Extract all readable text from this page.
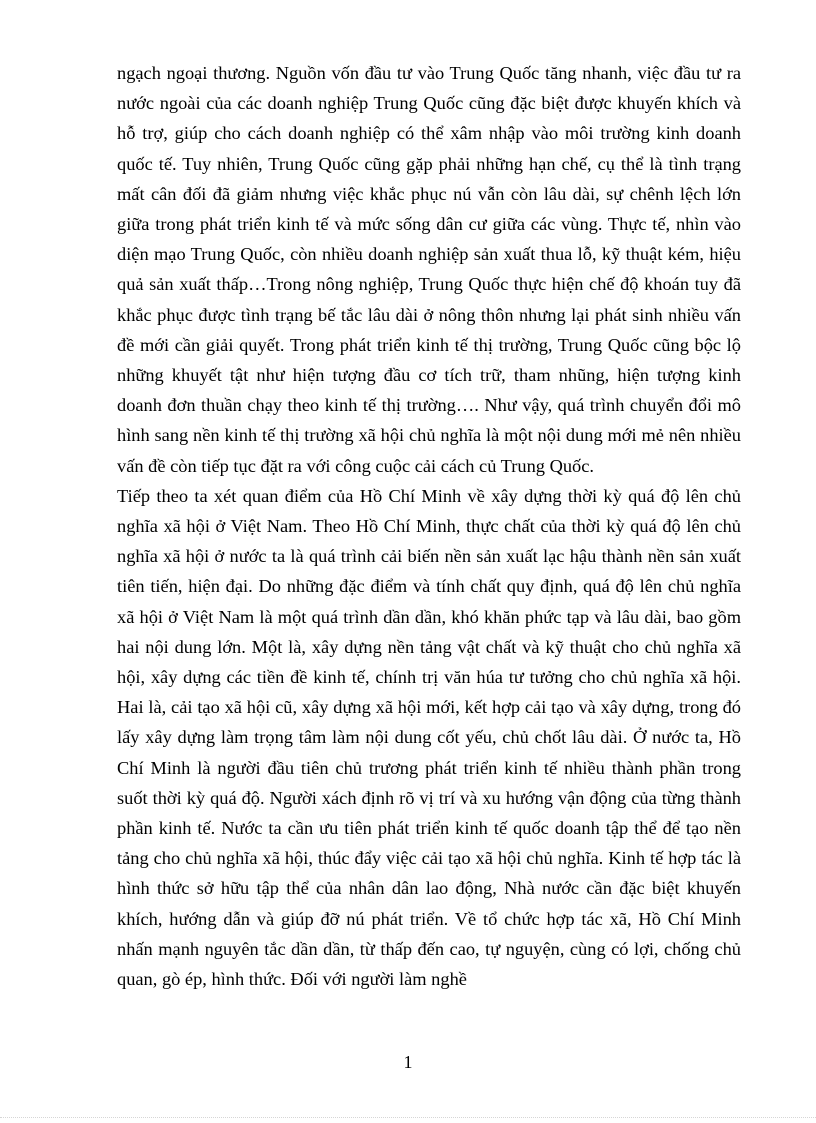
ngạch ngoại thương. Nguồn vốn đầu tư vào Trung Quốc tăng nhanh, việc đầu tư ra nước ngoài của các doanh nghiệp Trung Quốc cũng đặc biệt được khuyến khích và hỗ trợ, giúp cho cách doanh nghiệp có thể xâm nhập vào môi trường kinh doanh quốc tế. Tuy nhiên, Trung Quốc cũng gặp phải những hạn chế, cụ thể là tình trạng mất cân đối đã giảm nhưng việc khắc phục nú vẫn còn lâu dài, sự chênh lệch lớn giữa trong phát triển kinh tế và mức sống dân cư giữa các vùng. Thực tế, nhìn vào diện mạo Trung Quốc, còn nhiều doanh nghiệp sản xuất thua lỗ, kỹ thuật kém, hiệu quả sản xuất thấp…Trong nông nghiệp, Trung Quốc thực hiện chế độ khoán tuy đã khắc phục được tình trạng bế tắc lâu dài ở nông thôn nhưng lại phát sinh nhiều vấn đề mới cần giải quyết. Trong phát triển kinh tế thị trường, Trung Quốc cũng bộc lộ những khuyết tật như hiện tượng đầu cơ tích trữ, tham nhũng, hiện tượng kinh doanh đơn thuần chạy theo kinh tế thị trường…. Như vậy, quá trình chuyển đổi mô hình sang nền kinh tế thị trường xã hội chủ nghĩa là một nội dung mới mẻ nên nhiều vấn đề còn tiếp tục đặt ra với công cuộc cải cách củ Trung Quốc.

Tiếp theo ta xét quan điểm của Hồ Chí Minh về xây dựng thời kỳ quá độ lên chủ nghĩa xã hội ở Việt Nam. Theo Hồ Chí Minh, thực chất của thời kỳ quá độ lên chủ nghĩa xã hội ở nước ta là quá trình cải biến nền sản xuất lạc hậu thành nền sản xuất tiên tiến, hiện đại. Do những đặc điểm và tính chất quy định, quá độ lên chủ nghĩa xã hội ở Việt Nam là một quá trình dần dần, khó khăn phức tạp và lâu dài, bao gồm hai nội dung lớn. Một là, xây dựng nền tảng vật chất và kỹ thuật cho chủ nghĩa xã hội, xây dựng các tiền đề kinh tế, chính trị văn húa tư tưởng cho chủ nghĩa xã hội. Hai là, cải tạo xã hội cũ, xây dựng xã hội mới, kết hợp cải tạo và xây dựng, trong đó lấy xây dựng làm trọng tâm làm nội dung cốt yếu, chủ chốt lâu dài. Ở nước ta, Hồ Chí Minh là người đầu tiên chủ trương phát triển kinh tế nhiều thành phần trong suốt thời kỳ quá độ. Người xách định rõ vị trí và xu hướng vận động của từng thành phần kinh tế. Nước ta cần ưu tiên phát triển kinh tế quốc doanh tập thể để tạo nền tảng cho chủ nghĩa xã hội, thúc đẩy việc cải tạo xã hội chủ nghĩa. Kinh tế hợp tác là hình thức sở hữu tập thể của nhân dân lao động, Nhà nước cần đặc biệt khuyến khích, hướng dẫn và giúp đỡ nú phát triển. Về tổ chức hợp tác xã, Hồ Chí Minh nhấn mạnh nguyên tắc dần dần, từ thấp đến cao, tự nguyện, cùng có lợi, chống chủ quan, gò ép, hình thức. Đối với người làm nghề

1
